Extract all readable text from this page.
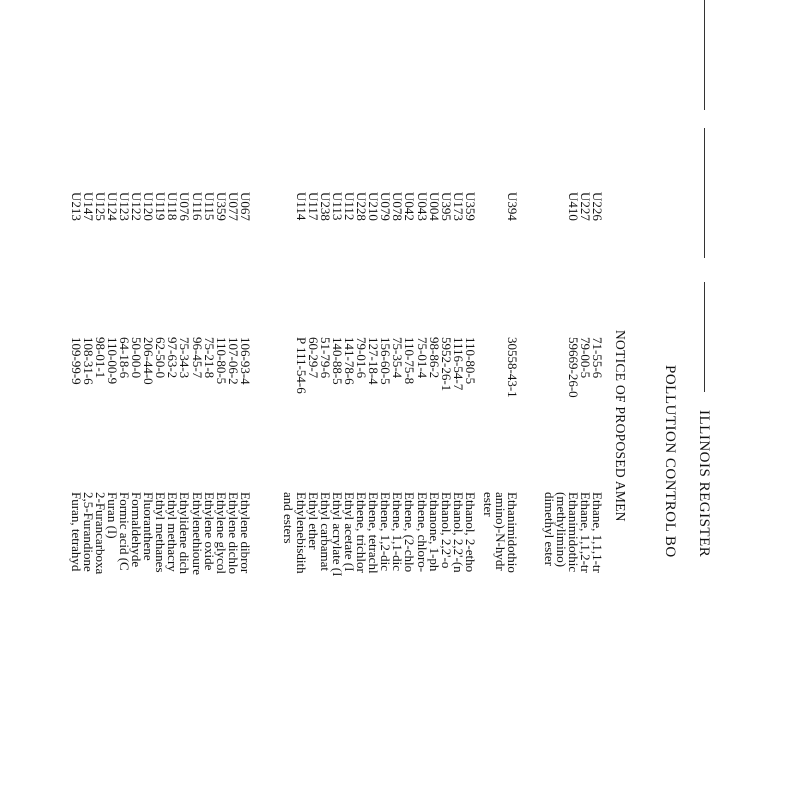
ILLINOIS REGISTER
POLLUTION CONTROL BO
NOTICE OF PROPOSED AMEN
U226
71-55-6
Ethane, 1,1,1-tr
U227
79-00-5
Ethane, 1,1,2-tr
U410
59669-26-0
Ethanimidothic
(methylimino)
dimethyl ester
U394
30558-43-1
Ethanimidothio
amino)-N-hydr
ester
U359
110-80-5
Ethanol, 2-etho
U173
1116-54-7
Ethanol, 2,2'-(n
U395
5952-26-1
Ethanol, 2,2'-o
U004
98-86-2
Ethanone, 1-ph
U043
75-01-4
Ethene, chloro-
U042
110-75-8
Ethene, (2-chlo
U078
75-35-4
Ethene, 1,1-dic
U079
156-60-5
Ethene, 1,2-dic
U210
127-18-4
Ethene, tetrachl
U228
79-01-6
Ethene, trichlor
U112
141-78-6
Ethyl acetate (I
U113
140-88-5
Ethyl acrylate (I
U238
51-79-6
Ethyl carbamat
U117
60-29-7
Ethyl ether
U114
P 111-54-6
Ethylenebisdith
and esters
U067
106-93-4
Ethylene dibror
U077
107-06-2
Ethylene dichlo
U359
110-80-5
Ethylene glycol
U115
75-21-8
Ethylene oxide
U116
96-45-7
Ethylenethioure
U076
75-34-3
Ethylidene dich
U118
97-63-2
Ethyl methacry
U119
62-50-0
Ethyl methanes
U120
206-44-0
Fluoranthene
U122
50-00-0
Formaldehyde
U123
64-18-6
Formic acid (C
U124
110-00-9
Furan (I)
U125
98-01-1
2-Furancarboxa
U147
108-31-6
2,5-Furandione
U213
109-99-9
Furan, tetrahyd
